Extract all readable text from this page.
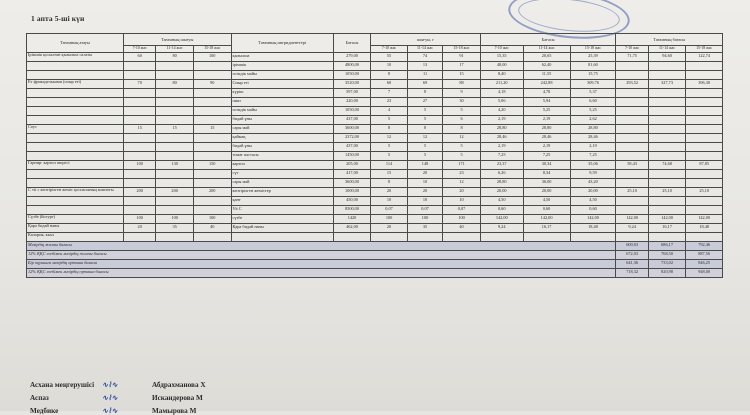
1 апта 5-ші күн
Тағамның атауы	Тағамның шығуы			Тағамның ингридиенттері	Бағасы	шығуы, г			Бағасы			Тағамның бағасы		
	7-10 жас	11-14 жас	15-18 жас			7-10 жас	11-14 жас	15-18 жас	7-10 жас	11-14 жас	15-18 жас	7-10 жас	11-14 жас	15-18 жас
Ірімшік қосылған қызылша салаты	60	80	100	қызылша	279,00	55	74	91	15,35	20,65	25,39	71,75	94,60	122,74
				ірімшік	4800,00	10	13	17	48,00	62,40	81,60			
				өсімдік майы	1050,00	8	11	15	8,40	11,55	15,75			
Ет фрикадельками (сиыр еті)	70	80	90	Сиыр еті	3520,00	60	69	88	211,20	242,88	309,76	293,52	327,73	396,30
				күріш	597,00	7	8	9	4,18	4,78	5,37			
				пияз	220,00	23	27	30	5,06	5,94	6,60			
				өсімдік майы	1050,00	4	5	5	4,20	5,25	5,25			
				бидай ұны	437,00	5	5	6	2,19	2,19	2,62			
Соус	15	15	15	сары май	3600,00	8	8	8	28,80	28,80	28,80			
				қаймақ	2372,00	12	12	12	28,46	28,46	28,46			
				бидай ұны	437,00	5	5	5	2,19	2,19	2,19			
				томат пастасы	1450,00	5	5	5	7,25	7,25	7,25			
Гарнир: картоп пюресі	100	130	150	картоп	205,00	114	148	171	23,37	30,34	35,06	58,43	74,68	87,85
				сүт	417,00	15	20	23	6,26	8,34	9,59			
				сары май	3600,00	8	10	12	28,80	36,00	43,20			
С vit с кептірілген жеміс қоспасының компоты	200	200	200	кептірілген жемістер	1000,00	20	20	20	20,00	20,00	20,00	25,10	25,10	25,10
				қант	450,00	10	10	10	4,50	4,50	4,50			
				Vit C	8500,00	0,07	0,07	0,07	0,60	0,60	0,60			
Сүзбе (йогурт)	100	100	100	сүзбе	1420	100	100	100	142,00	142,00	142,00	142,00	142,00	142,00
Қара бидай наны	20	35	40	Қара бидай наны	462,00	20	35	40	9,24	16,17	18,48	9,24	16,17	18,48
Калория, ккал														
Мәзірдің жалпы бағасы												600,03	686,17	792,46
12% ҚҚС есебімен мәзірдің жалпы бағасы												672,03	768,50	887,56
Бір оқушыға мәзірдің орташа бағасы												641,36	733,02	846,25
12% ҚҚС есебімен мәзірдің орташа бағасы												718,32	820,98	948,00
Асхана меңгерушісі ∿⌇∿	Абдрахманова Х
Аспаз	∿⌇∿	Искандерова М
Медбике	∿⌇∿	Мамырова М
